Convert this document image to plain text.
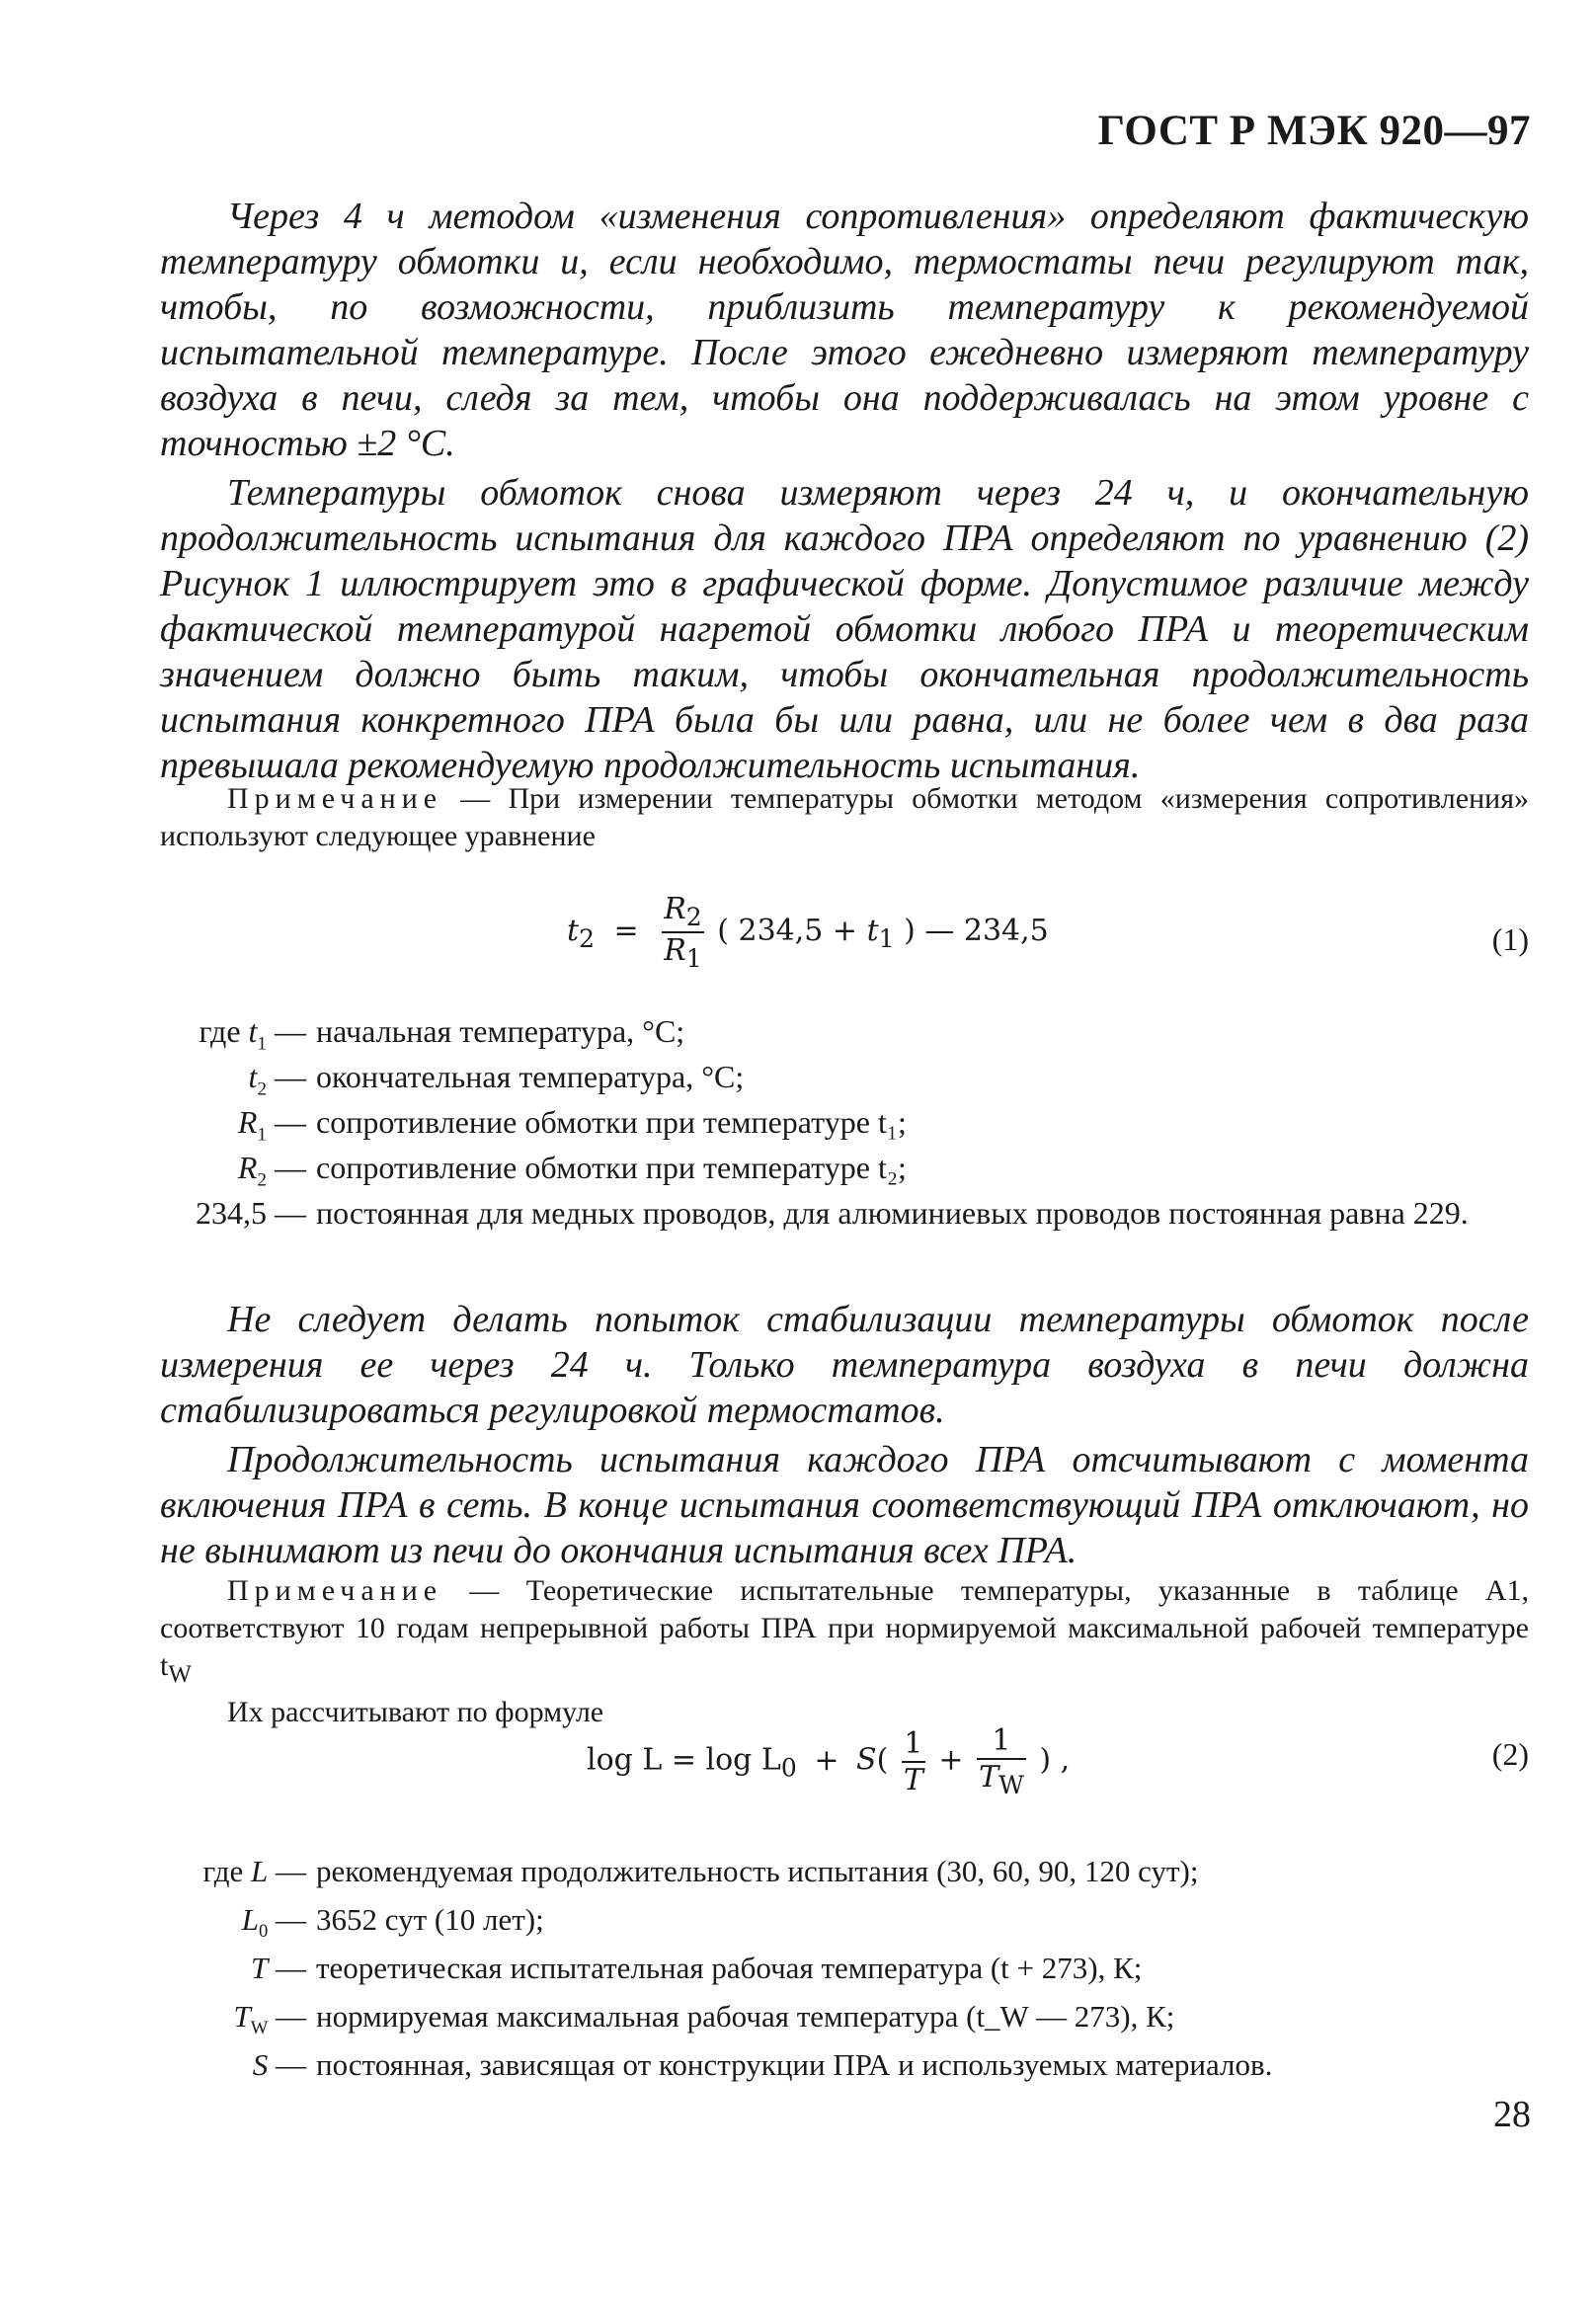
ГОСТ Р МЭК 920—97

Через 4 ч методом «изменения сопротивления» определяют фактическую температуру обмотки и, если необходимо, термостаты печи регулируют так, чтобы, по возможности, приблизить температуру к рекомендуемой испытательной температуре. После этого ежедневно измеряют температуру воздуха в печи, следя за тем, чтобы она поддерживалась на этом уровне с точностью ±2 °С.

Температуры обмоток снова измеряют через 24 ч, и окончательную продолжительность испытания для каждого ПРА определяют по уравнению (2) Рисунок 1 иллюстрирует это в графической форме. Допустимое различие между фактической температурой нагретой обмотки любого ПРА и теоретическим значением должно быть таким, чтобы окончательная продолжительность испытания конкретного ПРА была бы или равна, или не более чем в два раза превышала рекомендуемую продолжительность испытания.

Примечание — При измерении температуры обмотки методом «измерения сопротивления» используют следующее уравнение

$t_2 = \frac{R_2}{R_1}$ ( $234,5 + t_1$ ) — 234,5	(1)
где $t_1$ — начальная температура, °С;
$t_2$ — окончательная температура, °С;
$R_1$ — сопротивление обмотки при температуре t₁;
$R_2$ — сопротивление обмотки при температуре t₂;
234,5 — постоянная для медных проводов, для алюминиевых проводов постоянная равна 229.

Не следует делать попыток стабилизации температуры обмоток после измерения ее через 24 ч. Только температура воздуха в печи должна стабилизироваться регулировкой термостатов.

Продолжительность испытания каждого ПРА отсчитывают с момента включения ПРА в сеть. В конце испытания соответствующий ПРА отключают, но не вынимают из печи до окончания испытания всех ПРА.

Примечание — Теоретические испытательные температуры, указанные в таблице А1, соответствуют 10 годам непрерывной работы ПРА при нормируемой максимальной рабочей температуре $t_W$

Их рассчитывают по формуле

$\log L = \log L_0 + S( \frac{1}{T} + \frac{1}{T_W}$ ) ,	(2)
где L — рекомендуемая продолжительность испытания (30, 60, 90, 120 сут);
$L_0$ — 3652 сут (10 лет);
T — теоретическая испытательная рабочая температура (t + 273), К;
$T_W$ — нормируемая максимальная рабочая температура (t_W — 273), К;
S — постоянная, зависящая от конструкции ПРА и используемых материалов.
28
